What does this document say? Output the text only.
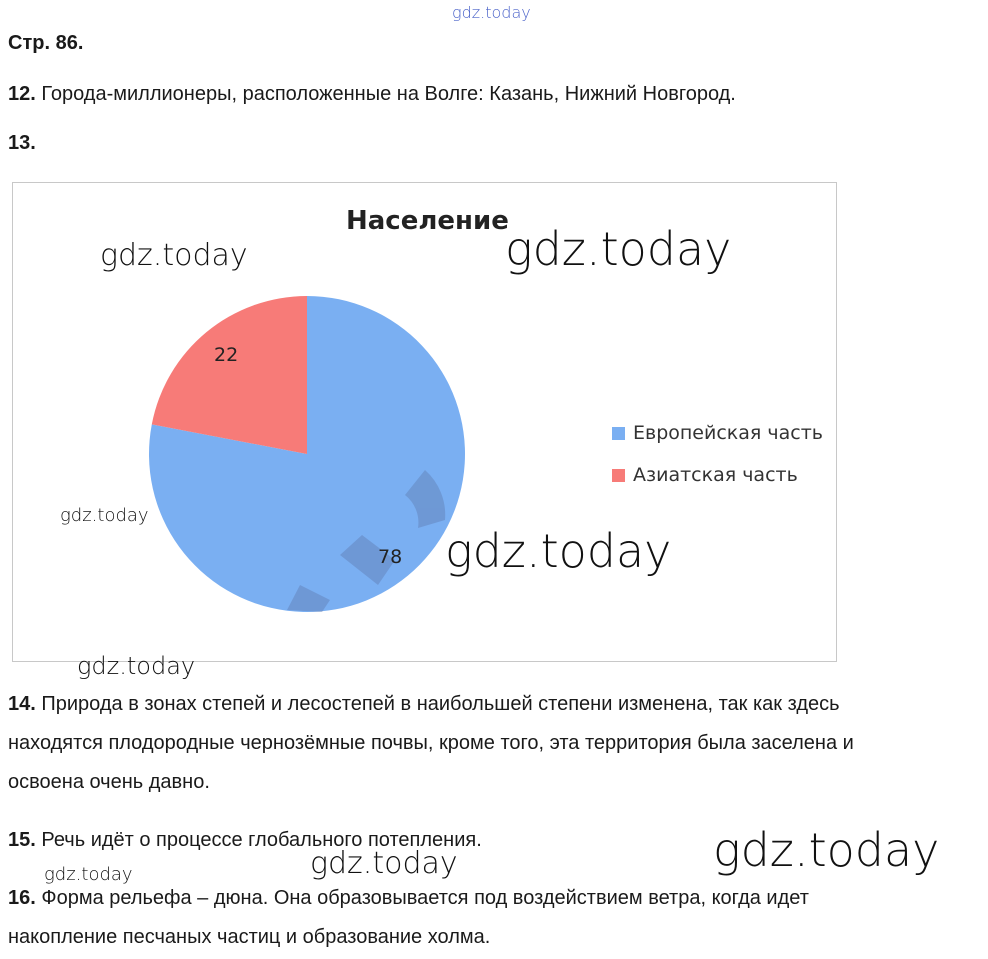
gdz.today
Стр. 86.
12. Города-миллионеры, расположенные на Волге: Казань, Нижний Новгород.
13.
Население
22
78
Европейская часть
Азиатская часть
gdz.today	gdz.today
gdz.today
gdz.today
gdz.today
14. Природа в зонах степей и лесостепей в наибольшей степени изменена, так как здесь
находятся плодородные чернозёмные почвы, кроме того, эта территория была заселена и
освоена очень давно.
15. Речь идёт о процессе глобального потепления.	gdz.today
gdz.today
gdz.today
16. Форма рельефа – дюна. Она образовывается под воздействием ветра, когда идет
накопление песчаных частиц и образование холма.
